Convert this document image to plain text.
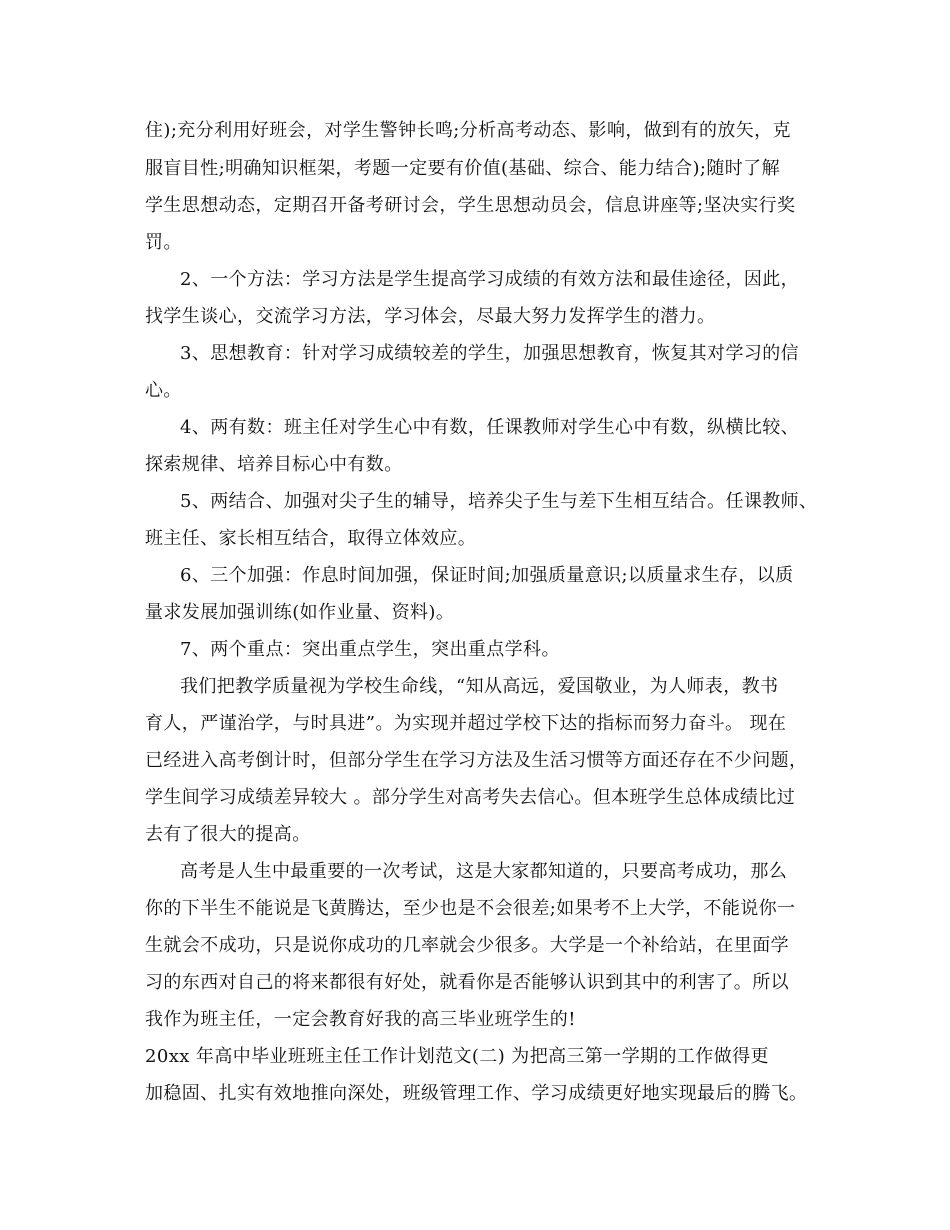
住);充分利用好班会，对学生警钟长鸣;分析高考动态、影响，做到有的放矢，克
服盲目性;明确知识框架，考题一定要有价值(基础、综合、能力结合);随时了解
学生思想动态，定期召开备考研讨会，学生思想动员会，信息讲座等;坚决实行奖
罚。
2、一个方法：学习方法是学生提高学习成绩的有效方法和最佳途径，因此，
找学生谈心，交流学习方法，学习体会，尽最大努力发挥学生的潜力。
3、思想教育：针对学习成绩较差的学生，加强思想教育，恢复其对学习的信
心。
4、两有数：班主任对学生心中有数，任课教师对学生心中有数，纵横比较、
探索规律、培养目标心中有数。
5、两结合、加强对尖子生的辅导，培养尖子生与差下生相互结合。任课教师、
班主任、家长相互结合，取得立体效应。
6、三个加强：作息时间加强，保证时间;加强质量意识;以质量求生存，以质
量求发展加强训练(如作业量、资料)。
7、两个重点：突出重点学生，突出重点学科。
我们把教学质量视为学校生命线，“知从高远，爱国敬业，为人师表，教书
育人，严谨治学，与时具进”。为实现并超过学校下达的指标而努力奋斗。 现在
已经进入高考倒计时，但部分学生在学习方法及生活习惯等方面还存在不少问题，
学生间学习成绩差异较大 。部分学生对高考失去信心。但本班学生总体成绩比过
去有了很大的提高。
高考是人生中最重要的一次考试，这是大家都知道的，只要高考成功，那么
你的下半生不能说是飞黄腾达，至少也是不会很差;如果考不上大学，不能说你一
生就会不成功，只是说你成功的几率就会少很多。大学是一个补给站，在里面学
习的东西对自己的将来都很有好处，就看你是否能够认识到其中的利害了。所以
我作为班主任，一定会教育好我的高三毕业班学生的!
20xx 年高中毕业班班主任工作计划范文(二) 为把高三第一学期的工作做得更
加稳固、扎实有效地推向深处，班级管理工作、学习成绩更好地实现最后的腾飞。
